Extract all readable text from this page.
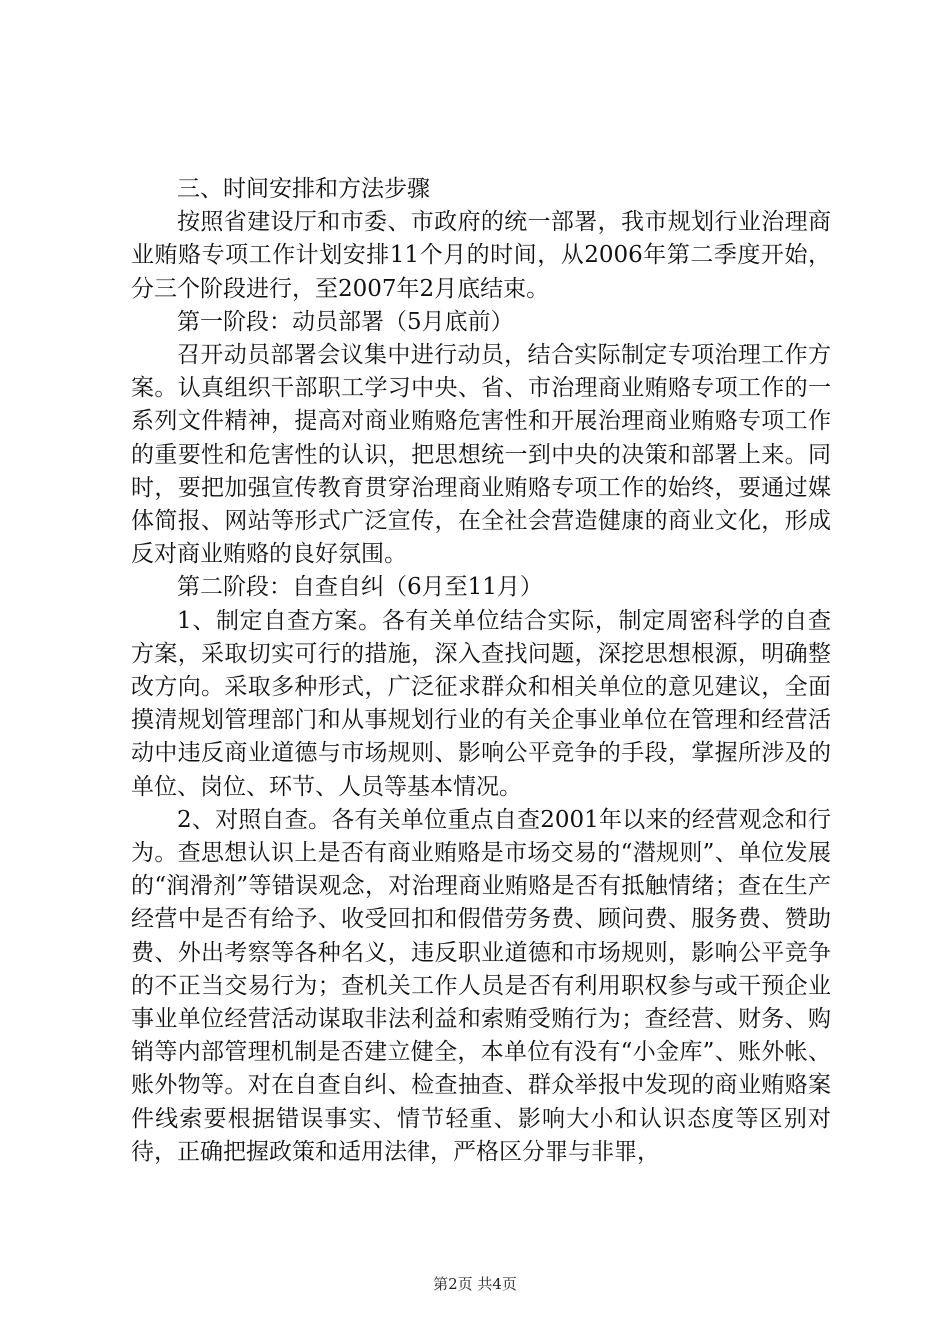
三、时间安排和方法步骤

按照省建设厅和市委、市政府的统一部署，我市规划行业治理商业贿赂专项工作计划安排11个月的时间，从2006年第二季度开始，分三个阶段进行，至2007年2月底结束。

第一阶段：动员部署（5月底前）

召开动员部署会议集中进行动员，结合实际制定专项治理工作方案。认真组织干部职工学习中央、省、市治理商业贿赂专项工作的一系列文件精神，提高对商业贿赂危害性和开展治理商业贿赂专项工作的重要性和危害性的认识，把思想统一到中央的决策和部署上来。同时，要把加强宣传教育贯穿治理商业贿赂专项工作的始终，要通过媒体简报、网站等形式广泛宣传，在全社会营造健康的商业文化，形成反对商业贿赂的良好氛围。

第二阶段：自查自纠（6月至11月）

1、制定自查方案。各有关单位结合实际，制定周密科学的自查方案，采取切实可行的措施，深入查找问题，深挖思想根源，明确整改方向。采取多种形式，广泛征求群众和相关单位的意见建议，全面摸清规划管理部门和从事规划行业的有关企事业单位在管理和经营活动中违反商业道德与市场规则、影响公平竞争的手段，掌握所涉及的单位、岗位、环节、人员等基本情况。

2、对照自查。各有关单位重点自查2001年以来的经营观念和行为。查思想认识上是否有商业贿赂是市场交易的“潜规则”、单位发展的“润滑剂”等错误观念，对治理商业贿赂是否有抵触情绪；查在生产经营中是否有给予、收受回扣和假借劳务费、顾问费、服务费、赞助费、外出考察等各种名义，违反职业道德和市场规则，影响公平竞争的不正当交易行为；查机关工作人员是否有利用职权参与或干预企业事业单位经营活动谋取非法利益和索贿受贿行为；查经营、财务、购销等内部管理机制是否建立健全，本单位有没有“小金库”、账外帐、账外物等。对在自查自纠、检查抽查、群众举报中发现的商业贿赂案件线索要根据错误事实、情节轻重、影响大小和认识态度等区别对待，正确把握政策和适用法律，严格区分罪与非罪，

第2页 共4页
